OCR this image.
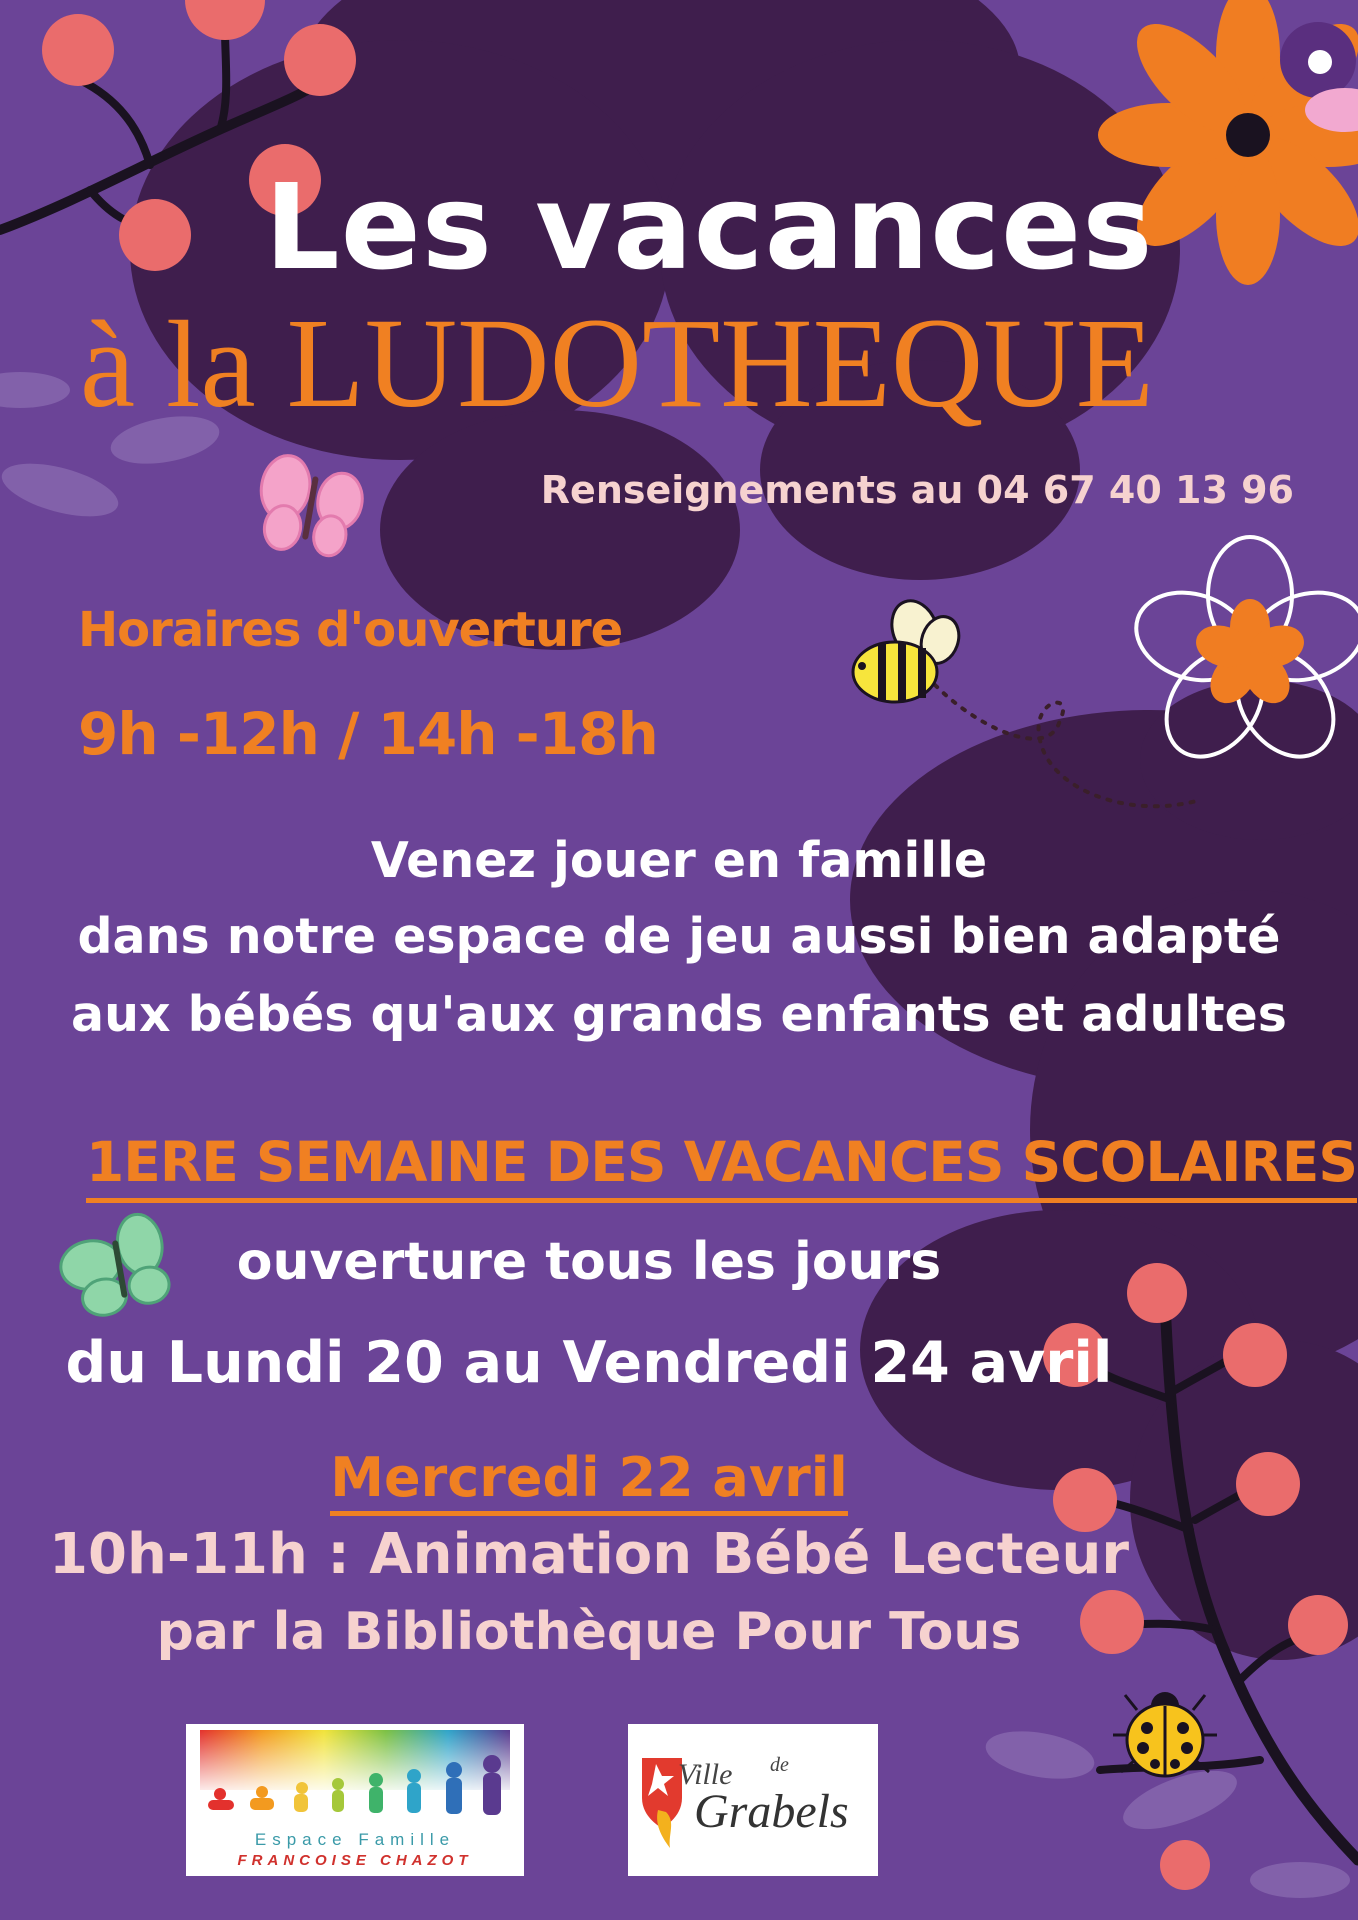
Les vacances
à la LUDOTHEQUE
Renseignements au 04 67 40 13 96
Horaires d'ouverture
9h -12h / 14h -18h
Venez jouer en famille
dans notre espace de jeu aussi bien adapté
aux bébés qu'aux grands enfants et adultes
1ERE SEMAINE DES VACANCES SCOLAIRES
ouverture tous les jours
du Lundi 20 au Vendredi 24 avril
Mercredi 22 avril
10h-11h : Animation Bébé Lecteur
par la Bibliothèque Pour Tous
Espace Famille
FRANCOISE CHAZOT
Ville de
Grabels
